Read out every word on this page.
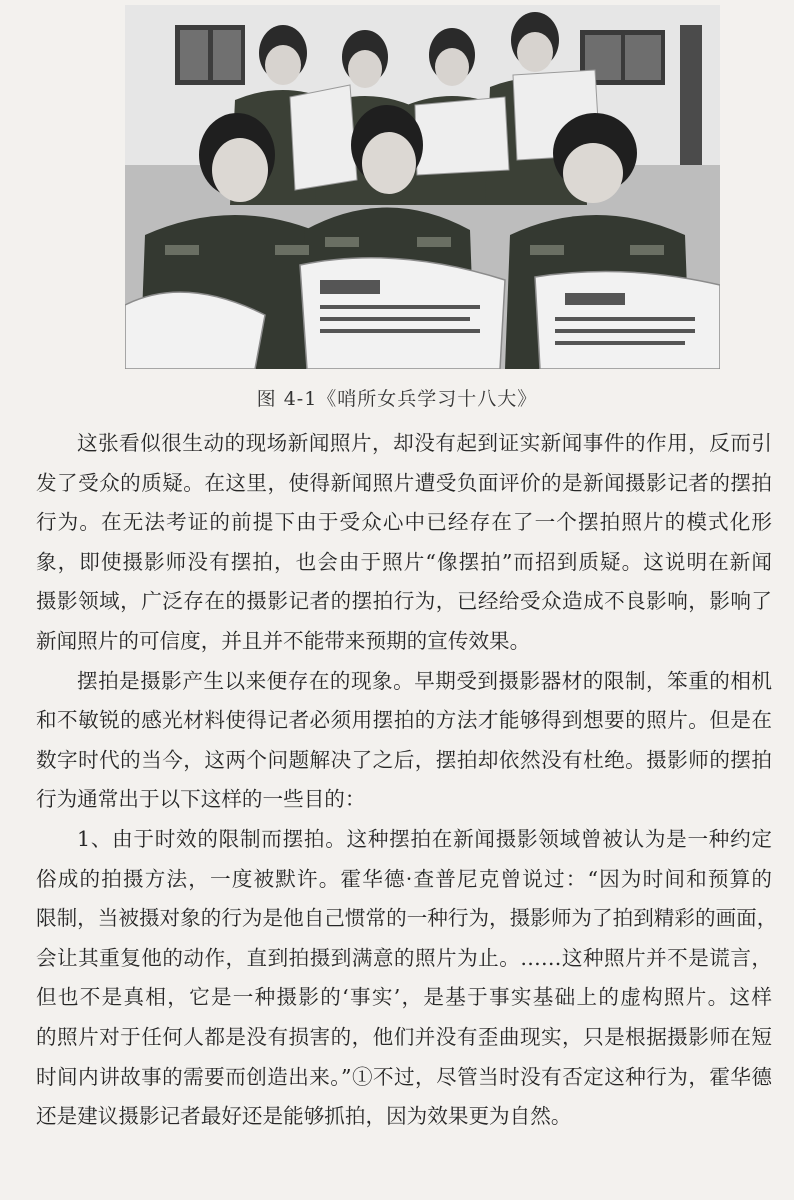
图 4-1《哨所女兵学习十八大》
这张看似很生动的现场新闻照片，却没有起到证实新闻事件的作用，反而引
发了受众的质疑。在这里，使得新闻照片遭受负面评价的是新闻摄影记者的摆拍
行为。在无法考证的前提下由于受众心中已经存在了一个摆拍照片的模式化形
象，即使摄影师没有摆拍，也会由于照片“像摆拍”而招到质疑。这说明在新闻
摄影领域，广泛存在的摄影记者的摆拍行为，已经给受众造成不良影响，影响了
新闻照片的可信度，并且并不能带来预期的宣传效果。
摆拍是摄影产生以来便存在的现象。早期受到摄影器材的限制，笨重的相机
和不敏锐的感光材料使得记者必须用摆拍的方法才能够得到想要的照片。但是在
数字时代的当今，这两个问题解决了之后，摆拍却依然没有杜绝。摄影师的摆拍
行为通常出于以下这样的一些目的：
1、由于时效的限制而摆拍。这种摆拍在新闻摄影领域曾被认为是一种约定
俗成的拍摄方法，一度被默许。霍华德·查普尼克曾说过：“因为时间和预算的
限制，当被摄对象的行为是他自己惯常的一种行为，摄影师为了拍到精彩的画面，
会让其重复他的动作，直到拍摄到满意的照片为止。……这种照片并不是谎言，
但也不是真相，它是一种摄影的‘事实’，是基于事实基础上的虚构照片。这样
的照片对于任何人都是没有损害的，他们并没有歪曲现实，只是根据摄影师在短
时间内讲故事的需要而创造出来。”①不过，尽管当时没有否定这种行为，霍华德
还是建议摄影记者最好还是能够抓拍，因为效果更为自然。
